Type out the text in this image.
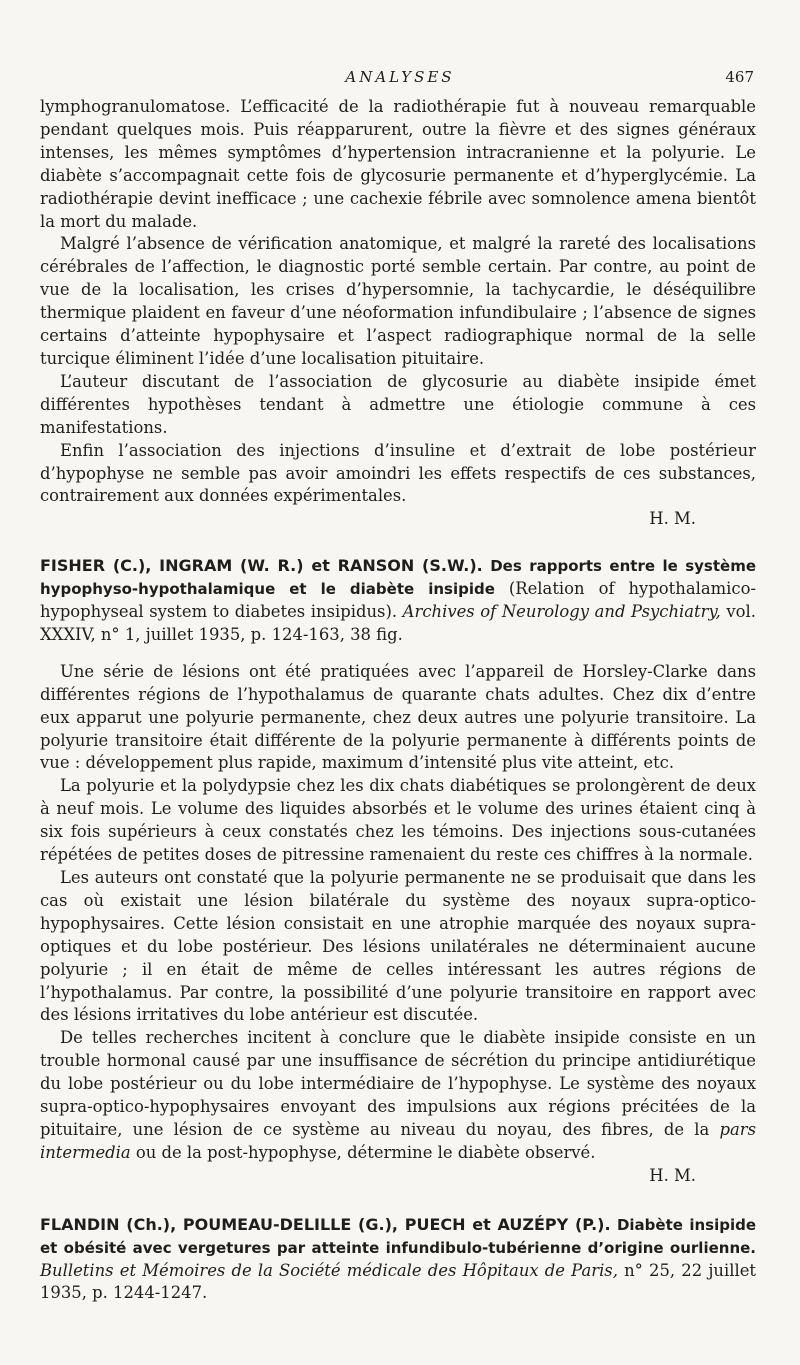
ANALYSES	467

lymphogranulomatose. L’efficacité de la radiothérapie fut à nouveau remarquable pendant quelques mois. Puis réapparurent, outre la fièvre et des signes généraux intenses, les mêmes symptômes d’hypertension intracranienne et la polyurie. Le diabète s’accompagnait cette fois de glycosurie permanente et d’hyperglycémie. La radiothérapie devint inefficace ; une cachexie fébrile avec somnolence amena bientôt la mort du malade.

Malgré l’absence de vérification anatomique, et malgré la rareté des localisations cérébrales de l’affection, le diagnostic porté semble certain. Par contre, au point de vue de la localisation, les crises d’hypersomnie, la tachycardie, le déséquilibre thermique plaident en faveur d’une néoformation infundibulaire ; l’absence de signes certains d’atteinte hypophysaire et l’aspect radiographique normal de la selle turcique éliminent l’idée d’une localisation pituitaire.

L’auteur discutant de l’association de glycosurie au diabète insipide émet différentes hypothèses tendant à admettre une étiologie commune à ces manifestations.

Enfin l’association des injections d’insuline et d’extrait de lobe postérieur d’hypophyse ne semble pas avoir amoindri les effets respectifs de ces substances, contrairement aux données expérimentales.
H. M.

FISHER (C.), INGRAM (W. R.) et RANSON (S.W.). Des rapports entre le système hypophyso-hypothalamique et le diabète insipide (Relation of hypothalamico-hypophyseal system to diabetes insipidus). Archives of Neurology and Psychiatry, vol. XXXIV, n° 1, juillet 1935, p. 124-163, 38 fig.

Une série de lésions ont été pratiquées avec l’appareil de Horsley-Clarke dans différentes régions de l’hypothalamus de quarante chats adultes. Chez dix d’entre eux apparut une polyurie permanente, chez deux autres une polyurie transitoire. La polyurie transitoire était différente de la polyurie permanente à différents points de vue : développement plus rapide, maximum d’intensité plus vite atteint, etc.

La polyurie et la polydypsie chez les dix chats diabétiques se prolongèrent de deux à neuf mois. Le volume des liquides absorbés et le volume des urines étaient cinq à six fois supérieurs à ceux constatés chez les témoins. Des injections sous-cutanées répétées de petites doses de pitressine ramenaient du reste ces chiffres à la normale.

Les auteurs ont constaté que la polyurie permanente ne se produisait que dans les cas où existait une lésion bilatérale du système des noyaux supra-optico-hypophysaires. Cette lésion consistait en une atrophie marquée des noyaux supra-optiques et du lobe postérieur. Des lésions unilatérales ne déterminaient aucune polyurie ; il en était de même de celles intéressant les autres régions de l’hypothalamus. Par contre, la possibilité d’une polyurie transitoire en rapport avec des lésions irritatives du lobe antérieur est discutée.

De telles recherches incitent à conclure que le diabète insipide consiste en un trouble hormonal causé par une insuffisance de sécrétion du principe antidiurétique du lobe postérieur ou du lobe intermédiaire de l’hypophyse. Le système des noyaux supra-optico-hypophysaires envoyant des impulsions aux régions précitées de la pituitaire, une lésion de ce système au niveau du noyau, des fibres, de la pars intermedia ou de la post-hypophyse, détermine le diabète observé.
H. M.

FLANDIN (Ch.), POUMEAU-DELILLE (G.), PUECH et AUZÉPY (P.). Diabète insipide et obésité avec vergetures par atteinte infundibulo-tubérienne d’origine ourlienne. Bulletins et Mémoires de la Société médicale des Hôpitaux de Paris, n° 25, 22 juillet 1935, p. 1244-1247.
